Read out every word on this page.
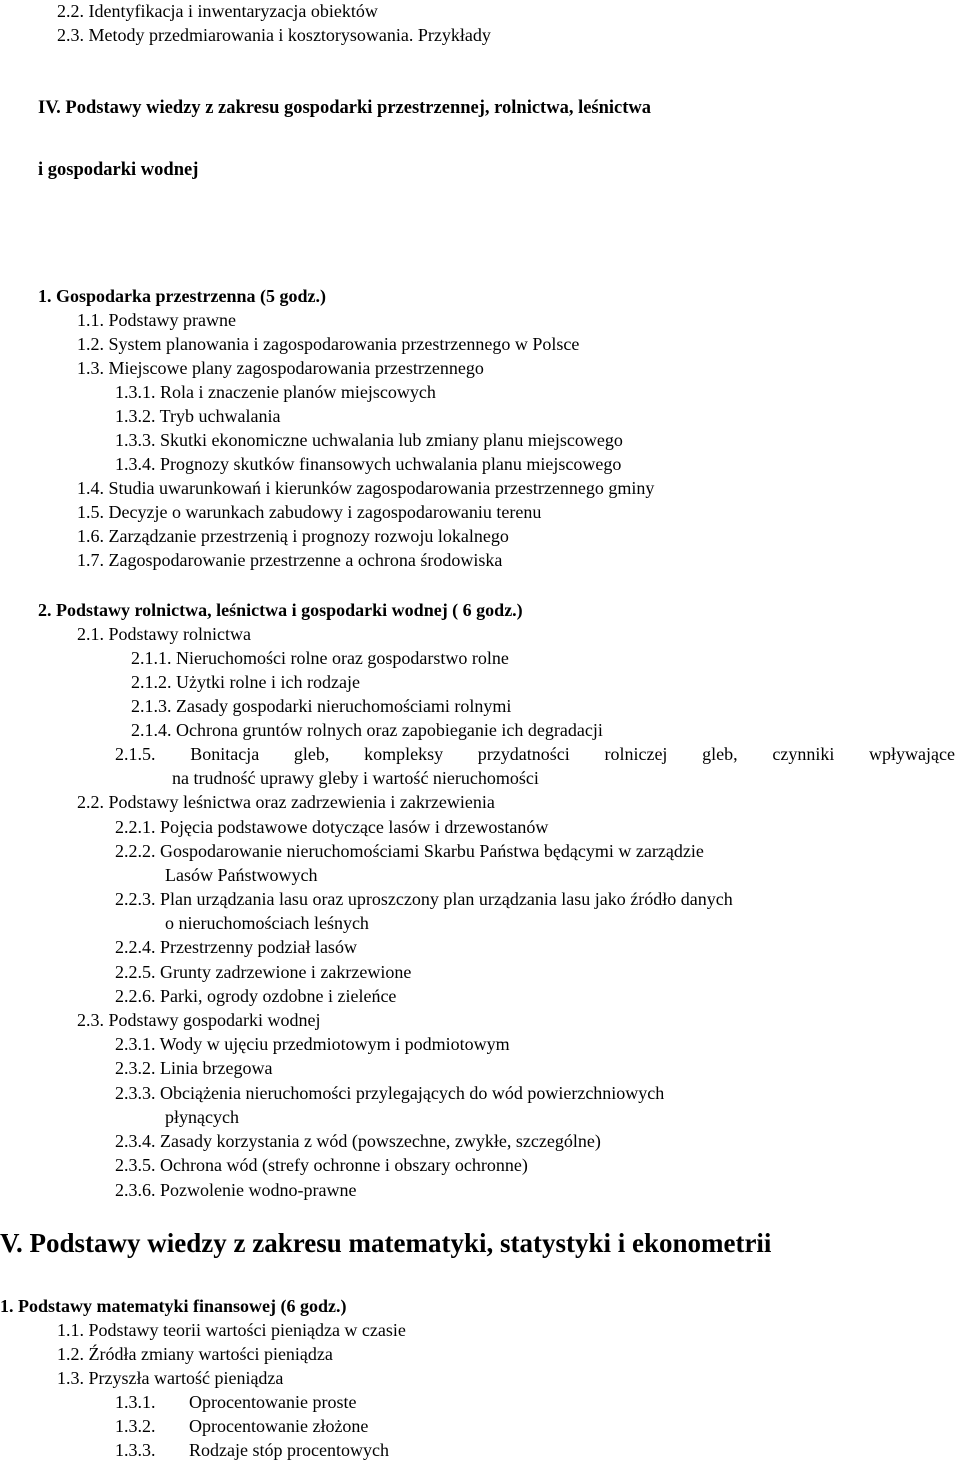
2.2. Identyfikacja i inwentaryzacja obiektów
2.3. Metody przedmiarowania i kosztorysowania. Przykłady
IV. Podstawy wiedzy z zakresu gospodarki przestrzennej, rolnictwa, leśnictwa
i gospodarki wodnej
1. Gospodarka przestrzenna (5 godz.)
1.1. Podstawy prawne
1.2. System planowania i zagospodarowania przestrzennego w Polsce
1.3. Miejscowe plany zagospodarowania przestrzennego
1.3.1. Rola i znaczenie planów miejscowych
1.3.2. Tryb uchwalania
1.3.3. Skutki ekonomiczne uchwalania lub zmiany planu miejscowego
1.3.4. Prognozy skutków finansowych uchwalania planu miejscowego
1.4. Studia uwarunkowań i kierunków zagospodarowania przestrzennego gminy
1.5. Decyzje o warunkach zabudowy i zagospodarowaniu terenu
1.6. Zarządzanie przestrzenią i prognozy rozwoju lokalnego
1.7. Zagospodarowanie przestrzenne a ochrona środowiska
2. Podstawy rolnictwa, leśnictwa i gospodarki wodnej ( 6 godz.)
2.1. Podstawy rolnictwa
2.1.1. Nieruchomości rolne oraz gospodarstwo rolne
2.1.2. Użytki rolne i ich rodzaje
2.1.3. Zasady gospodarki nieruchomościami rolnymi
2.1.4. Ochrona gruntów rolnych oraz zapobieganie ich degradacji
2.1.5. Bonitacja gleb, kompleksy przydatności rolniczej gleb, czynniki wpływające
na trudność uprawy gleby i wartość nieruchomości
2.2. Podstawy leśnictwa oraz zadrzewienia i zakrzewienia
2.2.1. Pojęcia podstawowe dotyczące lasów i drzewostanów
2.2.2. Gospodarowanie nieruchomościami Skarbu Państwa będącymi w zarządzie
Lasów Państwowych
2.2.3. Plan urządzania lasu oraz uproszczony plan urządzania lasu jako źródło danych
o nieruchomościach leśnych
2.2.4. Przestrzenny podział lasów
2.2.5. Grunty zadrzewione i zakrzewione
2.2.6. Parki, ogrody ozdobne i zieleńce
2.3. Podstawy gospodarki wodnej
2.3.1. Wody w ujęciu przedmiotowym i podmiotowym
2.3.2. Linia brzegowa
2.3.3. Obciążenia nieruchomości przylegających do wód powierzchniowych
płynących
2.3.4. Zasady korzystania z wód (powszechne, zwykłe, szczególne)
2.3.5. Ochrona wód (strefy ochronne i obszary ochronne)
2.3.6. Pozwolenie wodno-prawne
V. Podstawy wiedzy z zakresu matematyki, statystyki i ekonometrii
1. Podstawy matematyki finansowej (6 godz.)
1.1. Podstawy teorii wartości pieniądza w czasie
1.2. Źródła zmiany wartości pieniądza
1.3. Przyszła wartość pieniądza
1.3.1. Oprocentowanie proste
1.3.2. Oprocentowanie złożone
1.3.3. Rodzaje stóp procentowych
